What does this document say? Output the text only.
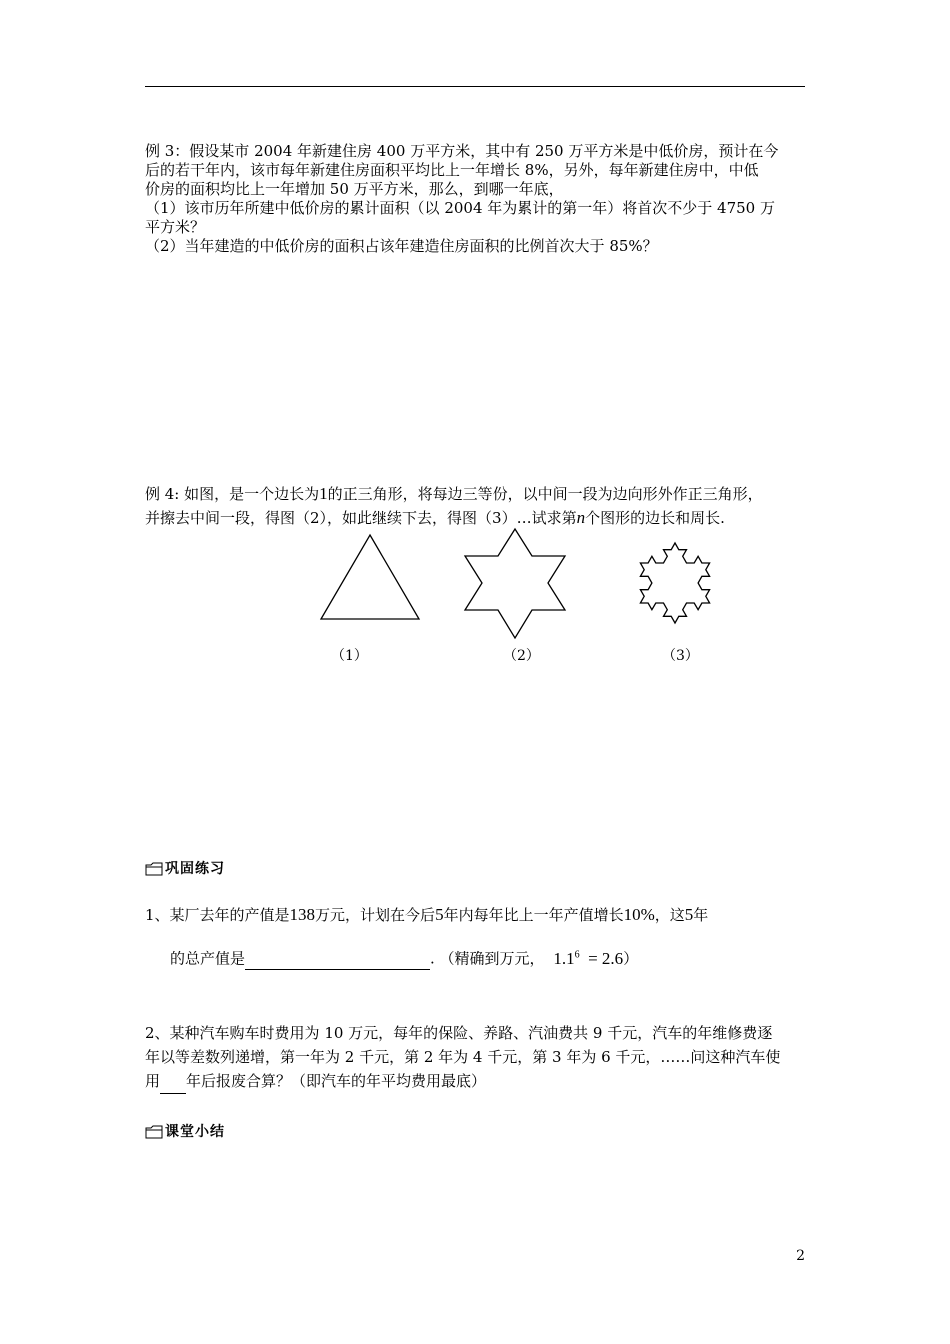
例 3：假设某市 2004 年新建住房 400 万平方米，其中有 250 万平方米是中低价房，预计在今
后的若干年内，该市每年新建住房面积平均比上一年增长 8%，另外，每年新建住房中，中低
价房的面积均比上一年增加 50 万平方米，那么，到哪一年底，
（1）该市历年所建中低价房的累计面积（以 2004 年为累计的第一年）将首次不少于 4750 万
平方米？
（2）当年建造的中低价房的面积占该年建造住房面积的比例首次大于 85%？
例 4: 如图，是一个边长为1的正三角形，将每边三等份，以中间一段为边向形外作正三角形，
并擦去中间一段，得图（2），如此继续下去，得图（3）…试求第n个图形的边长和周长.
（1）	（2）	（3）
巩固练习
1、某厂去年的产值是138万元，计划在今后5年内每年比上一年产值增长10%，这5年
的总产值是	. （精确到万元， $1.1^6 = 2.6$）
2、某种汽车购车时费用为 10 万元，每年的保险、养路、汽油费共 9 千元，汽车的年维修费逐
年以等差数列递增，第一年为 2 千元，第 2 年为 4 千元，第 3 年为 6 千元，……问这种汽车使
用 年后报废合算？（即汽车的年平均费用最底）
课堂小结
2
